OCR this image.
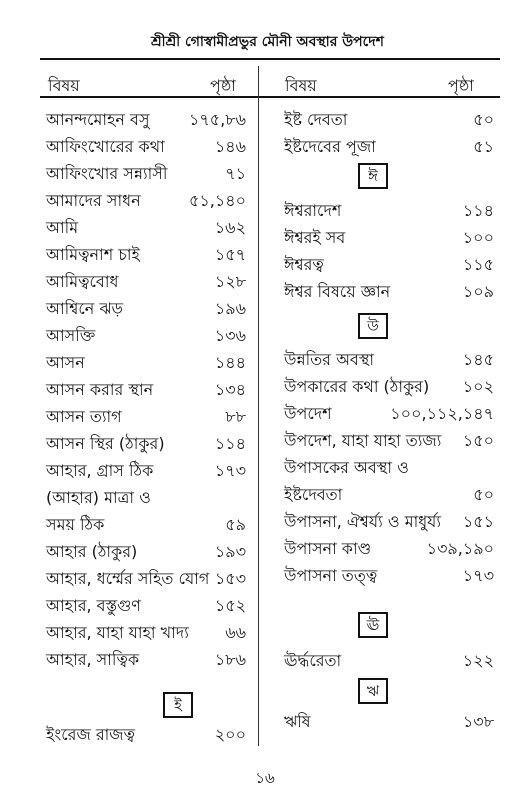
শ্রীশ্রী গোস্বামীপ্রভুর মৌনী অবস্থার উপদেশ
বিষয়	পৃষ্ঠা	বিষয়	পৃষ্ঠা
আনন্দমোহন বসু ১৭৫,৮৬
আফিংখোরের কথা	১৪৬
আফিংখোর সন্ন্যাসী	৭১
আমাদের সাধন	৫১,১৪০
আমি	১৬২
আমিত্বনাশ চাই	১৫৭
আমিত্ববোধ	১২৮
আশ্বিনে ঝড়	১৯৬
আসক্তি	১৩৬
আসন	১৪৪
আসন করার স্থান	১৩৪
আসন ত্যাগ	৮৮
আসন স্থির (ঠাকুর)	১১৪
আহার, গ্রাস ঠিক	১৭৩
(আহার) মাত্রা ও
সময় ঠিক	৫৯
আহার (ঠাকুর)	১৯৩
আহার, ধর্ম্মের সহিত যোগ ১৫৩
আহার, বস্তুগুণ	১৫২
আহার, যাহা যাহা খাদ্য ৬৬
আহার, সাত্বিক	১৮৬
ই
ইংরেজ রাজত্ব	২০০
ইষ্ট দেবতা	৫০
ইষ্টদেবের পূজা	৫১
ঈ
ঈশ্বরাদেশ	১১৪
ঈশ্বরই সব	১০০
ঈশ্বরত্ব	১১৫
ঈশ্বর বিষয়ে জ্ঞান	১০৯
উ
উন্নতির অবস্থা	১৪৫
উপকারের কথা (ঠাকুর) ১০২
উপদেশ	১০০,১১২,১৪৭
উপদেশ, যাহা যাহা ত্যজ্য ১৫০
উপাসকের অবস্থা ও
ইষ্টদেবতা	৫০
উপাসনা, ঐশ্বর্য্য ও মাধুর্য্য ১৫১
উপাসনা কাণ্ড	১৩৯,১৯০
উপাসনা তত্ত্ব	১৭৩
ঊ
ঊর্দ্ধরেতা	১২২
ঋ
ঋষি	১৩৮
১৬
